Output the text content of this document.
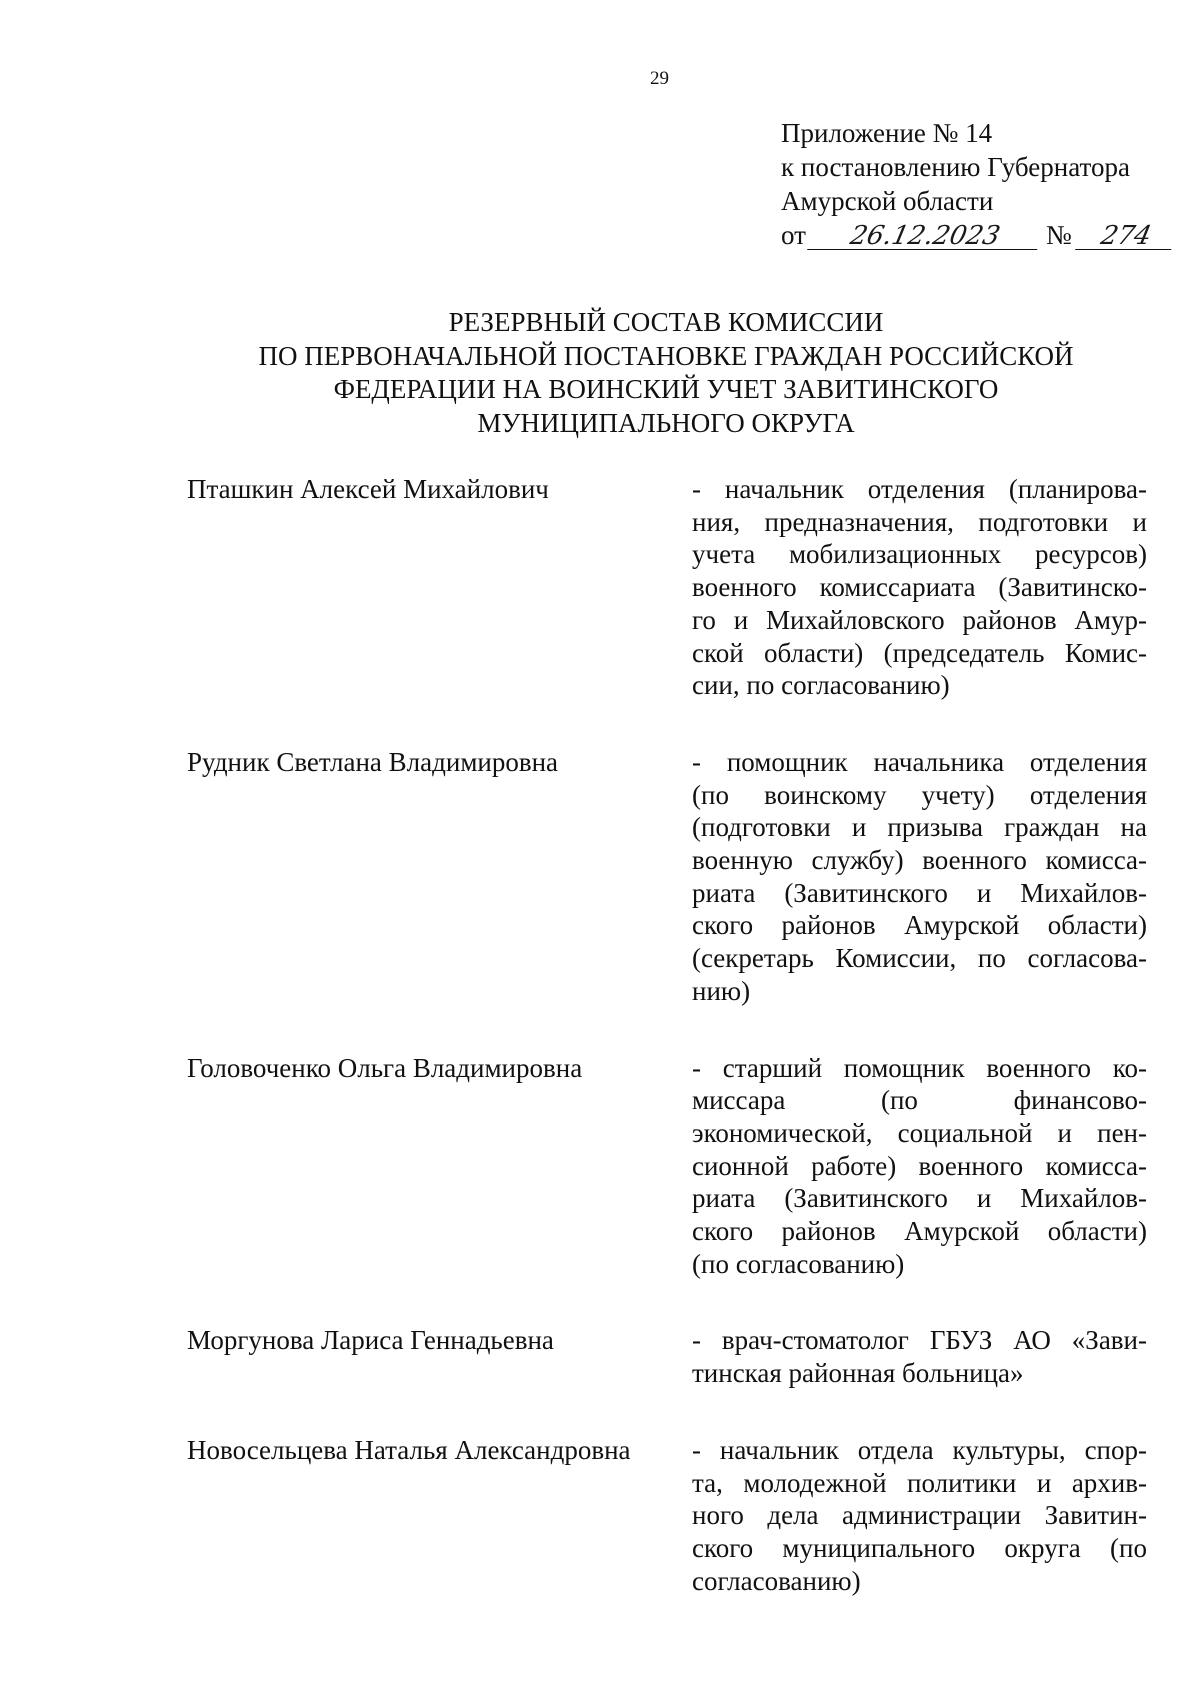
29
Приложение № 14
к постановлению Губернатора
Амурской области
от 26.12.2023 № 274
РЕЗЕРВНЫЙ СОСТАВ КОМИССИИ
ПО ПЕРВОНАЧАЛЬНОЙ ПОСТАНОВКЕ ГРАЖДАН РОССИЙСКОЙ
ФЕДЕРАЦИИ НА ВОИНСКИЙ УЧЕТ ЗАВИТИНСКОГО
МУНИЦИПАЛЬНОГО ОКРУГА
Пташкин Алексей Михайлович	- начальник отделения (планирова-
ния, предназначения, подготовки и
учета мобилизационных ресурсов)
военного комиссариата (Завитинско-
го и Михайловского районов Амур-
ской области) (председатель Комис-
сии, по согласованию)
Рудник Светлана Владимировна	- помощник начальника отделения
(по воинскому учету) отделения
(подготовки и призыва граждан на
военную службу) военного комисса-
риата (Завитинского и Михайлов-
ского районов Амурской области)
(секретарь Комиссии, по согласова-
нию)
Головоченко Ольга Владимировна	- старший помощник военного ко-
миссара (по финансово-
экономической, социальной и пен-
сионной работе) военного комисса-
риата (Завитинского и Михайлов-
ского районов Амурской области)
(по согласованию)
Моргунова Лариса Геннадьевна	- врач-стоматолог ГБУЗ АО «Зави-
тинская районная больница»
Новосельцева Наталья Александровна	- начальник отдела культуры, спор-
та, молодежной политики и архив-
ного дела администрации Завитин-
ского муниципального округа (по
согласованию)
